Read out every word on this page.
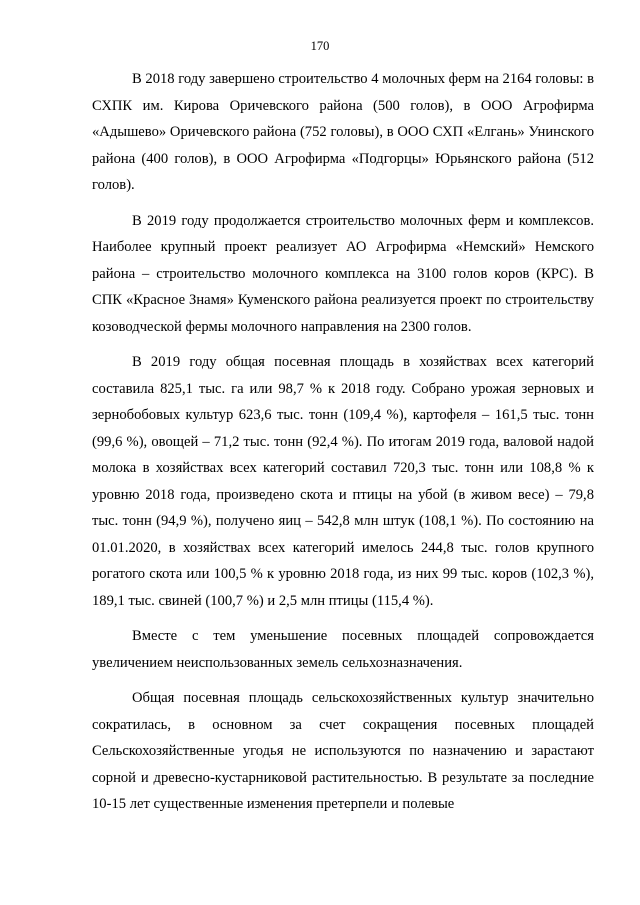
170

В 2018 году завершено строительство 4 молочных ферм на 2164 головы: в СХПК им. Кирова Оричевского района (500 голов), в ООО Агрофирма «Адышево» Оричевского района (752 головы), в ООО СХП «Елгань» Унинского района (400 голов), в ООО Агрофирма «Подгорцы» Юрьянского района (512 голов).

В 2019 году продолжается строительство молочных ферм и комплексов. Наиболее крупный проект реализует АО Агрофирма «Немский» Немского района – строительство молочного комплекса на 3100 голов коров (КРС). В СПК «Красное Знамя» Куменского района реализуется проект по строительству козоводческой фермы молочного направления на 2300 голов.

В 2019 году общая посевная площадь в хозяйствах всех категорий составила 825,1 тыс. га или 98,7 % к 2018 году. Собрано урожая зерновых и зернобобовых культур 623,6 тыс. тонн (109,4 %), картофеля – 161,5 тыс. тонн (99,6 %), овощей – 71,2 тыс. тонн (92,4 %). По итогам 2019 года, валовой надой молока в хозяйствах всех категорий составил 720,3 тыс. тонн или 108,8 % к уровню 2018 года, произведено скота и птицы на убой (в живом весе) – 79,8 тыс. тонн (94,9 %), получено яиц – 542,8 млн штук (108,1 %). По состоянию на 01.01.2020, в хозяйствах всех категорий имелось 244,8 тыс. голов крупного рогатого скота или 100,5 % к уровню 2018 года, из них 99 тыс. коров (102,3 %), 189,1 тыс. свиней (100,7 %) и 2,5 млн птицы (115,4 %).

Вместе с тем уменьшение посевных площадей сопровождается увеличением неиспользованных земель сельхозназначения.

Общая посевная площадь сельскохозяйственных культур значительно сократилась, в основном за счет сокращения посевных площадей Сельскохозяйственные угодья не используются по назначению и зарастают сорной и древесно-кустарниковой растительностью. В результате за последние 10-15 лет существенные изменения претерпели и полевые
